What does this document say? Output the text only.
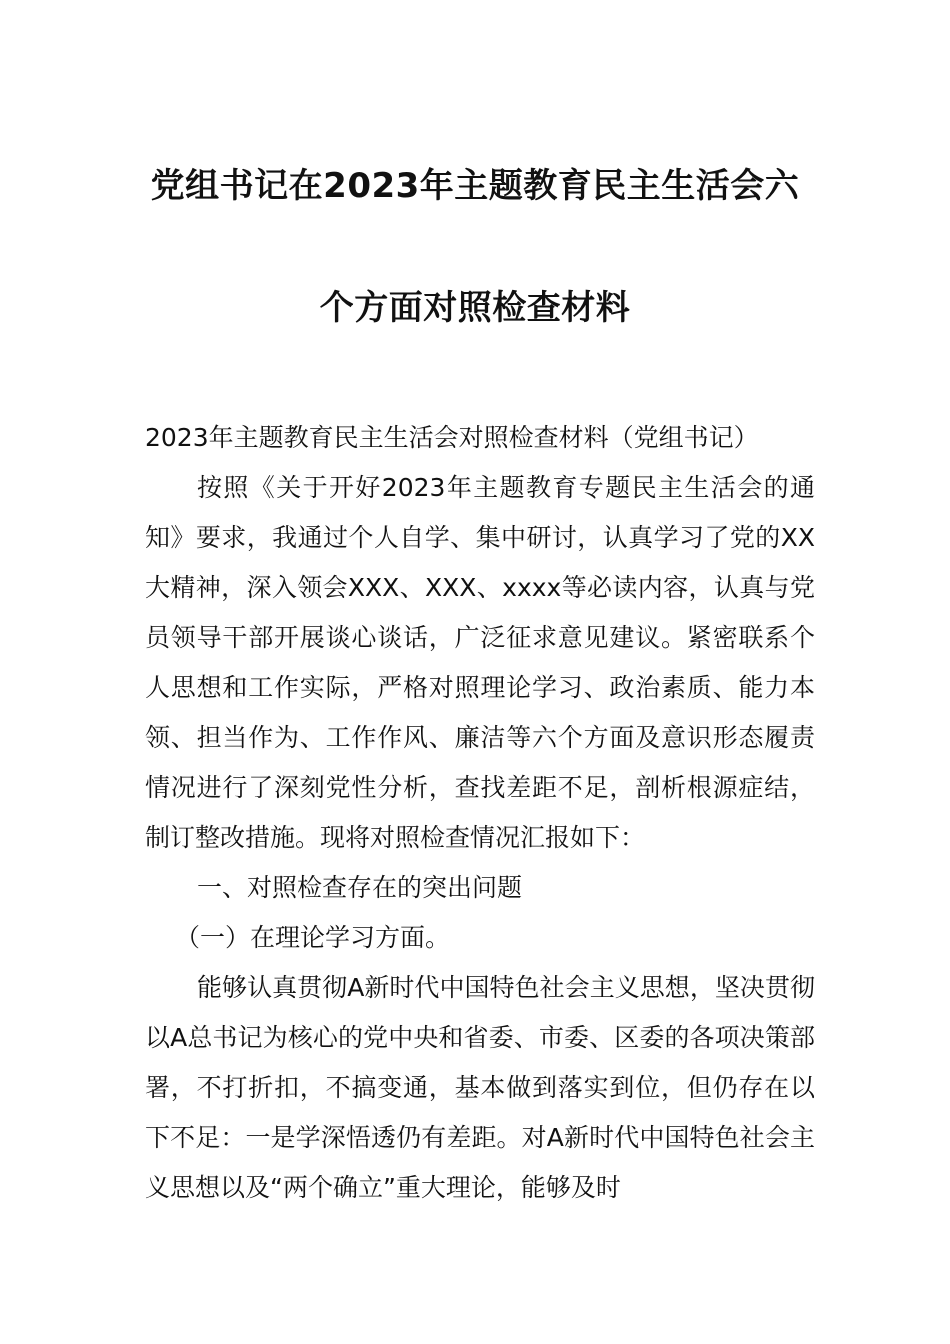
党组书记在2023年主题教育民主生活会六
个方面对照检查材料

2023年主题教育民主生活会对照检查材料（党组书记）

按照《关于开好2023年主题教育专题民主生活会的通知》要求，我通过个人自学、集中研讨，认真学习了党的XX大精神，深入领会XXX、XXX、xxxx等必读内容，认真与党员领导干部开展谈心谈话，广泛征求意见建议。紧密联系个人思想和工作实际，严格对照理论学习、政治素质、能力本领、担当作为、工作作风、廉洁等六个方面及意识形态履责情况进行了深刻党性分析，查找差距不足，剖析根源症结，制订整改措施。现将对照检查情况汇报如下：

一、对照检查存在的突出问题

（一）在理论学习方面。

能够认真贯彻A新时代中国特色社会主义思想，坚决贯彻以A总书记为核心的党中央和省委、市委、区委的各项决策部署，不打折扣，不搞变通，基本做到落实到位，但仍存在以下不足：一是学深悟透仍有差距。对A新时代中国特色社会主义思想以及“两个确立”重大理论，能够及时
